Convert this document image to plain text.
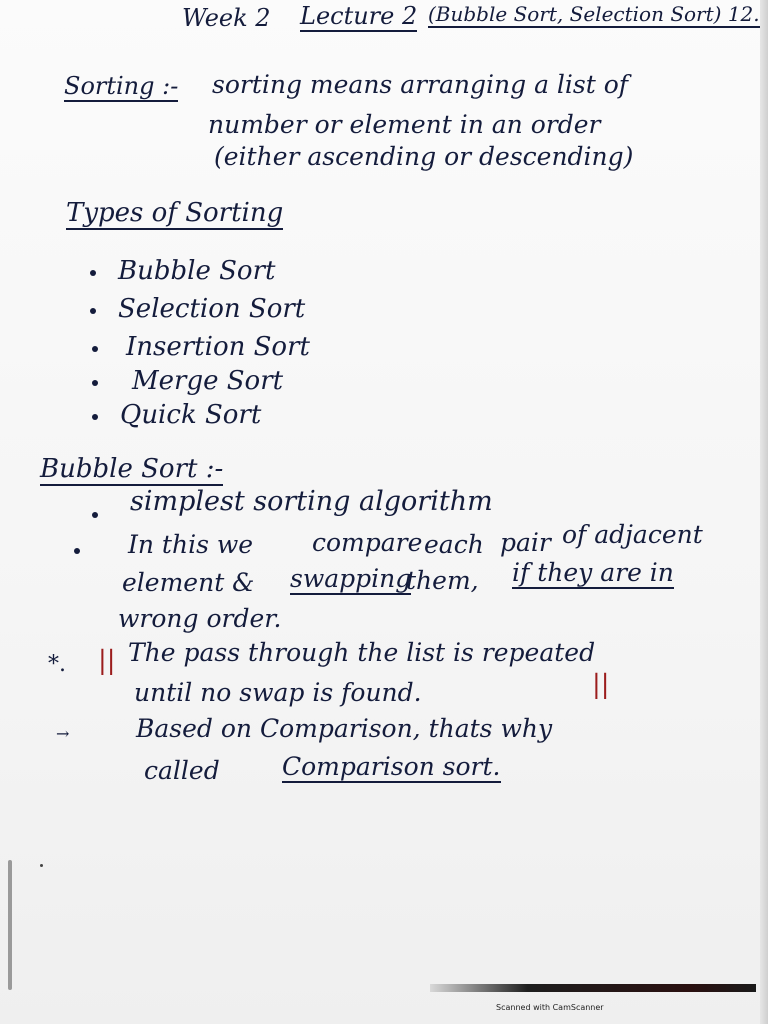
Week 2 Lecture 2 (Bubble Sort, Selection Sort) 12.
Sorting :- sorting means arranging a list of
number or element in an order
(either ascending or descending)
Types of Sorting
Bubble Sort
Selection Sort
Insertion Sort
Merge Sort
Quick Sort
Bubble Sort :-
simplest sorting algorithm
In this we compare each pair of adjacent
element & swapping
them, if they are in
wrong order.
*. || The pass through the list is repeated
until no swap is found.	||
→	Based on Comparison, thats why
called Comparison sort.
Scanned with CamScanner
